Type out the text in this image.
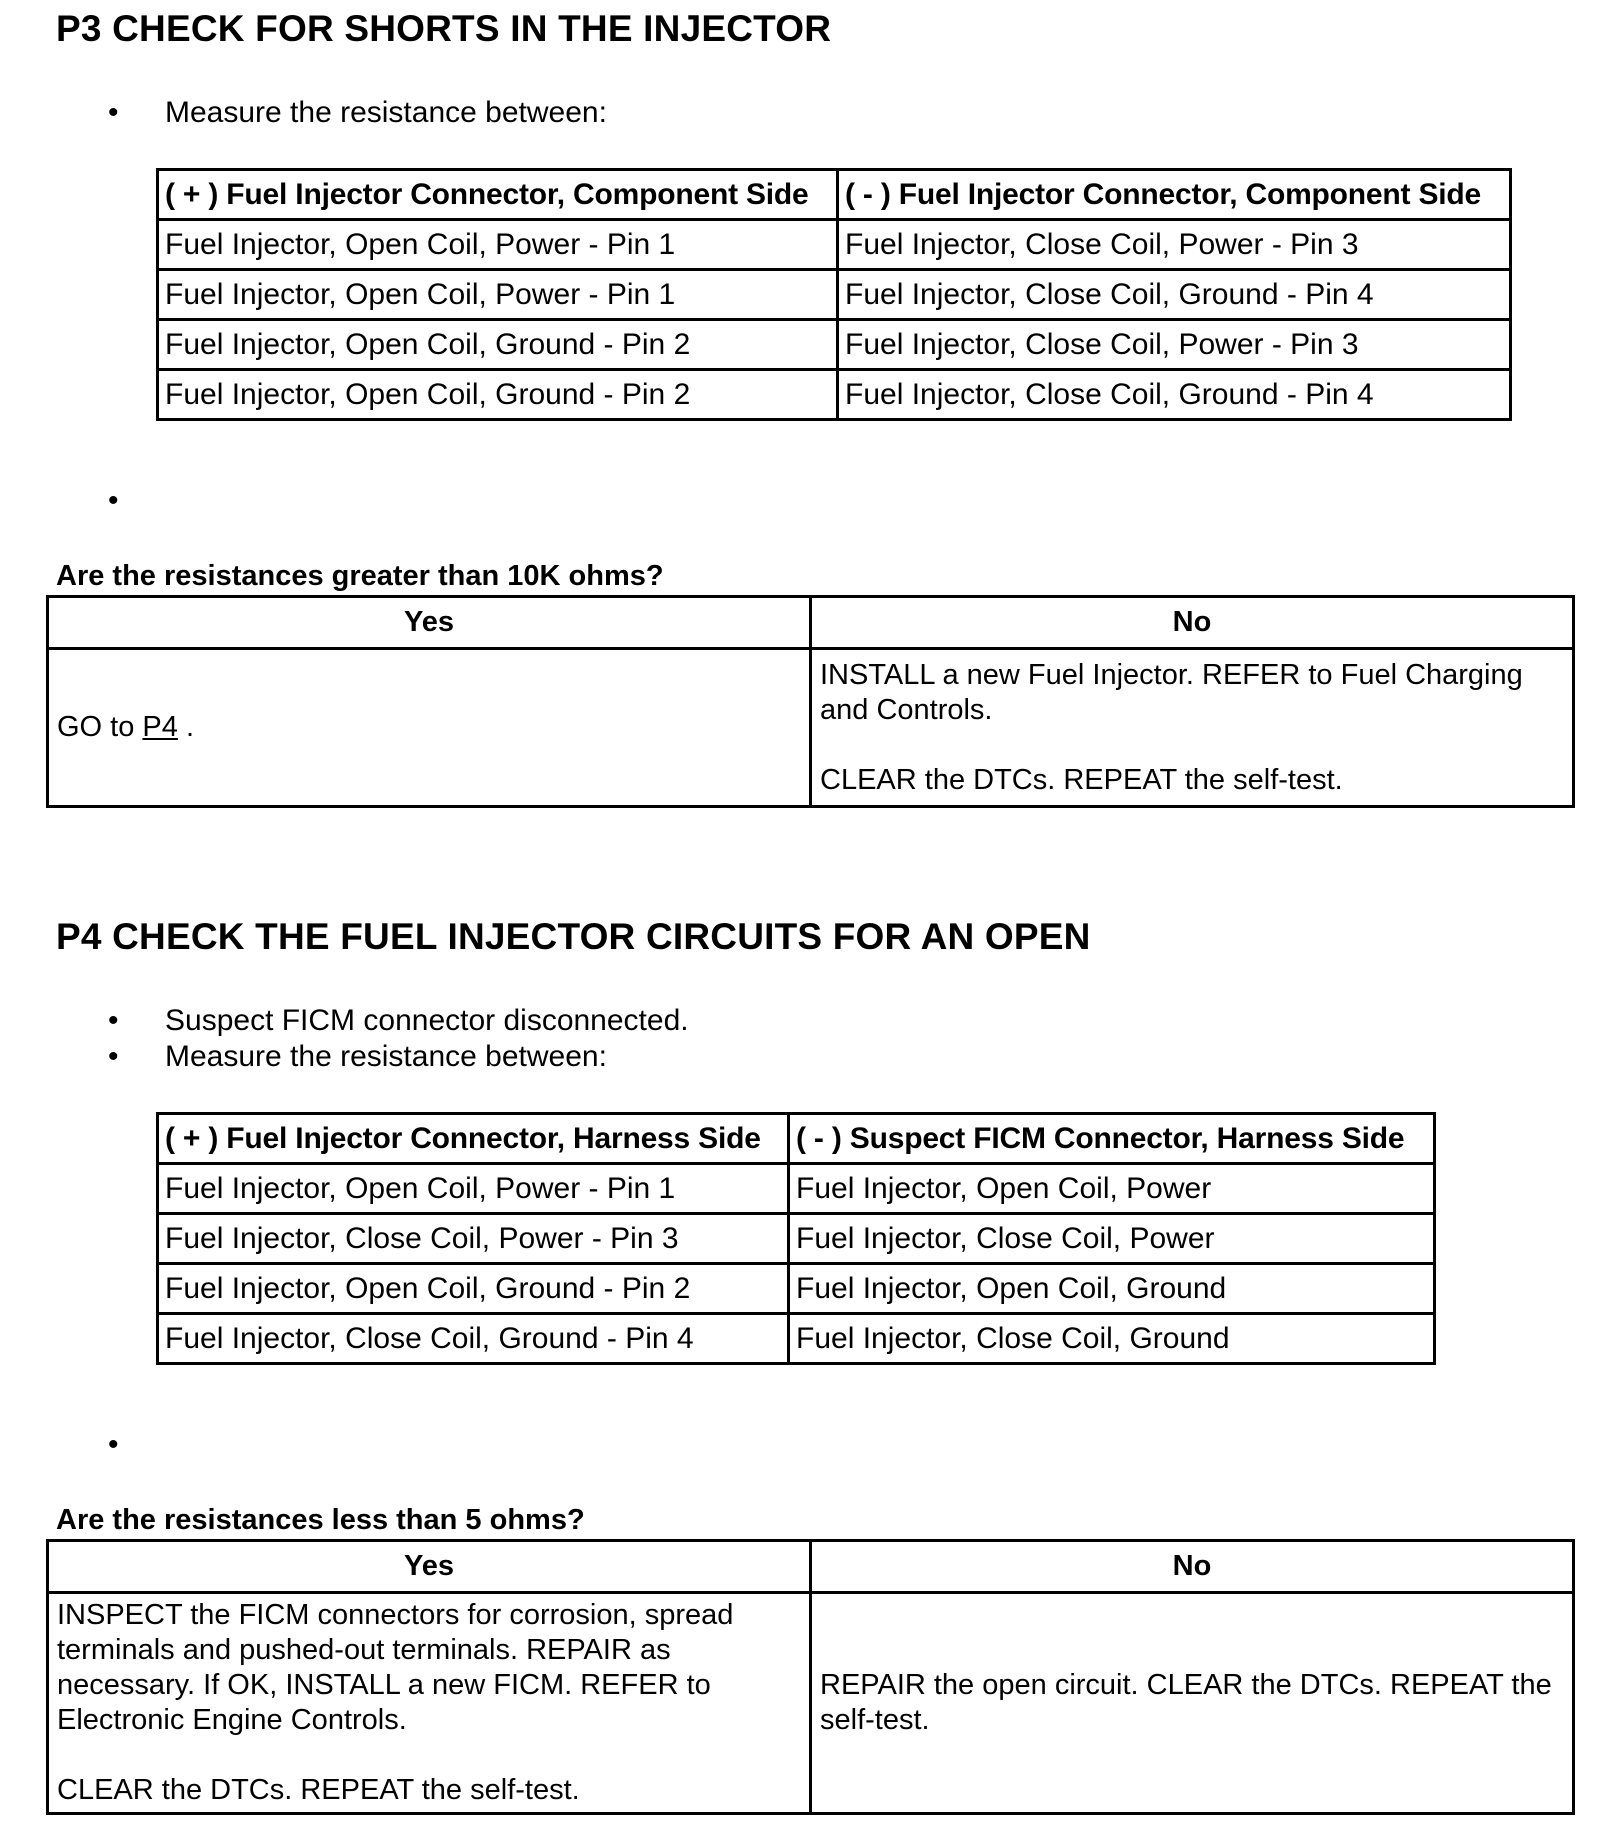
P3 CHECK FOR SHORTS IN THE INJECTOR
• Measure the resistance between:
( + ) Fuel Injector Connector, Component Side	( - ) Fuel Injector Connector, Component Side
Fuel Injector, Open Coil, Power - Pin 1	Fuel Injector, Close Coil, Power - Pin 3
Fuel Injector, Open Coil, Power - Pin 1	Fuel Injector, Close Coil, Ground - Pin 4
Fuel Injector, Open Coil, Ground - Pin 2	Fuel Injector, Close Coil, Power - Pin 3
Fuel Injector, Open Coil, Ground - Pin 2	Fuel Injector, Close Coil, Ground - Pin 4
•
Are the resistances greater than 10K ohms?
Yes	No
GO to P4 .	INSTALL a new Fuel Injector. REFER to Fuel Charging and Controls.
CLEAR the DTCs. REPEAT the self-test.
P4 CHECK THE FUEL INJECTOR CIRCUITS FOR AN OPEN
• Suspect FICM connector disconnected.
• Measure the resistance between:
( + ) Fuel Injector Connector, Harness Side	( - ) Suspect FICM Connector, Harness Side
Fuel Injector, Open Coil, Power - Pin 1	Fuel Injector, Open Coil, Power
Fuel Injector, Close Coil, Power - Pin 3	Fuel Injector, Close Coil, Power
Fuel Injector, Open Coil, Ground - Pin 2	Fuel Injector, Open Coil, Ground
Fuel Injector, Close Coil, Ground - Pin 4	Fuel Injector, Close Coil, Ground
•
Are the resistances less than 5 ohms?
Yes	No

INSPECT the FICM connectors for corrosion, spread terminals and pushed-out terminals. REPAIR as necessary. If OK, INSTALL a new FICM. REFER to Electronic Engine Controls.
CLEAR the DTCs. REPEAT the self-test.	REPAIR the open circuit. CLEAR the DTCs. REPEAT the self-test.
